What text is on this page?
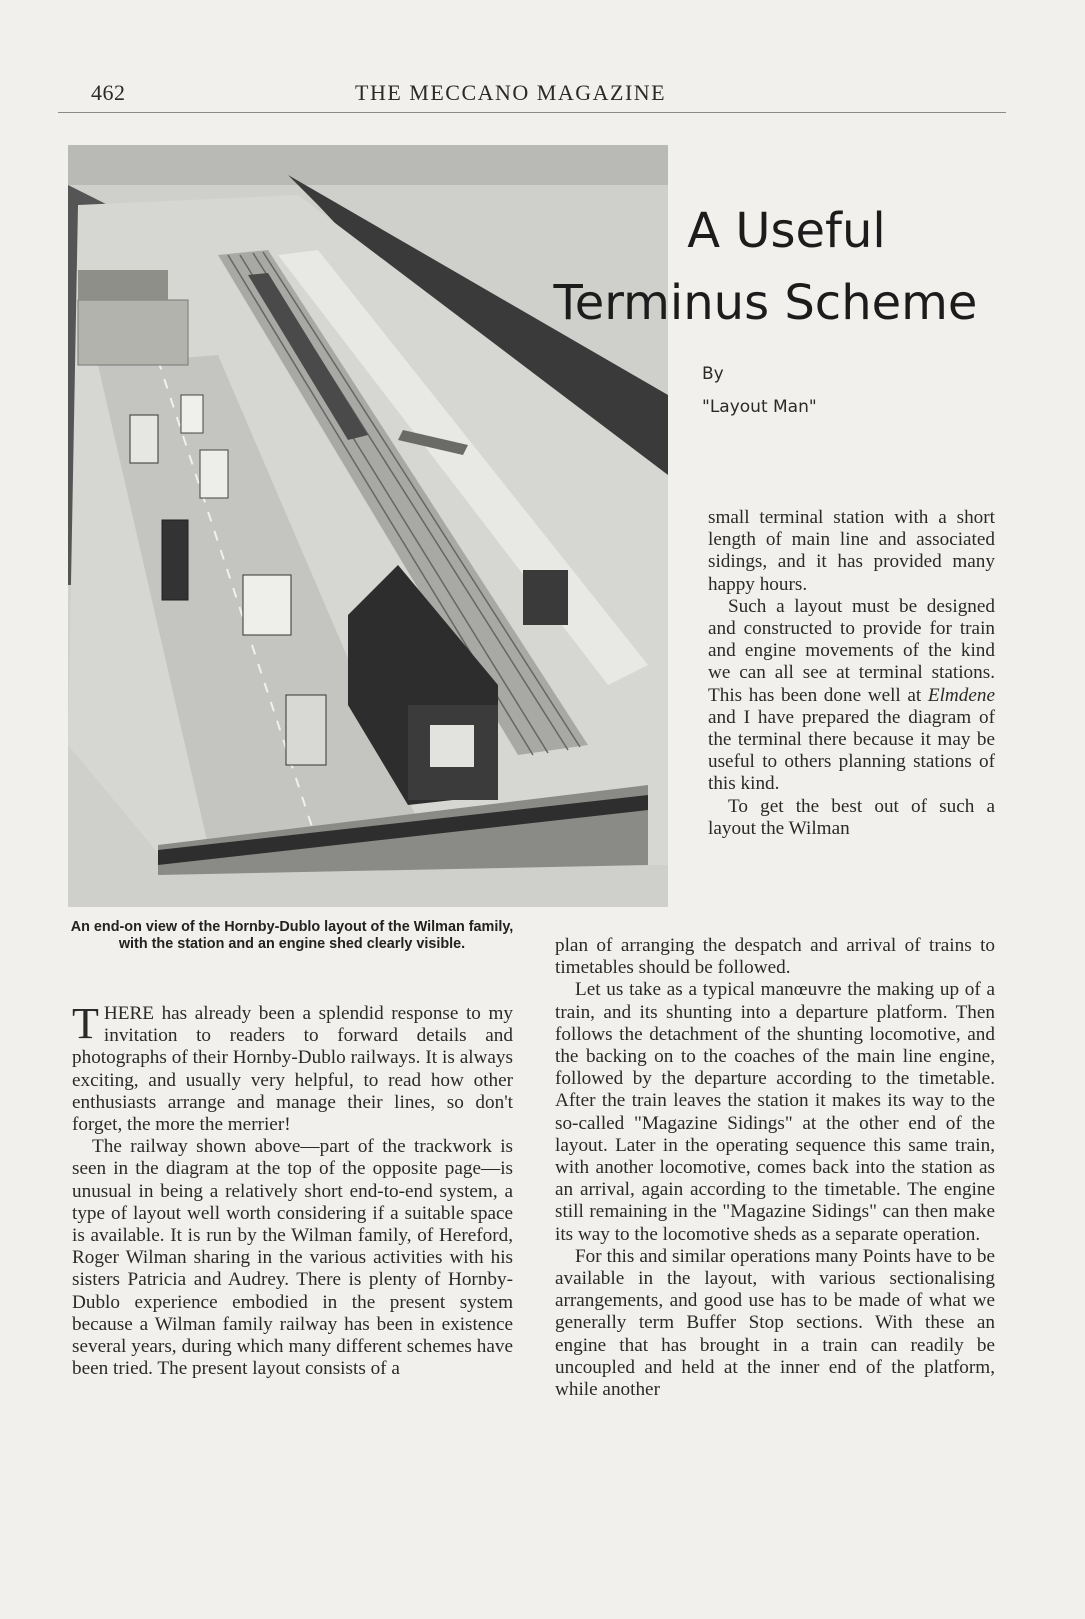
462	THE MECCANO MAGAZINE
An end-on view of the Hornby-Dublo layout of the Wilman family, with the station and an engine shed clearly visible.
A Useful
Terminus Scheme
By
"Layout Man"

THERE has already been a splendid response to my invitation to readers to forward details and photographs of their Hornby-Dublo railways. It is always exciting, and usually very helpful, to read how other enthusiasts arrange and manage their lines, so don't forget, the more the merrier!

The railway shown above—part of the trackwork is seen in the diagram at the top of the opposite page—is unusual in being a relatively short end-to-end system, a type of layout well worth considering if a suitable space is available. It is run by the Wilman family, of Hereford, Roger Wilman sharing in the various activities with his sisters Patricia and Audrey. There is plenty of Hornby-Dublo experience embodied in the present system because a Wilman family railway has been in existence several years, during which many different schemes have been tried. The present layout consists of a

small terminal station with a short length of main line and associated sidings, and it has provided many happy hours.

Such a layout must be designed and constructed to provide for train and engine movements of the kind we can all see at terminal stations. This has been done well at Elmdene and I have prepared the diagram of the terminal there because it may be useful to others planning stations of this kind.

To get the best out of such a layout the Wilman

plan of arranging the despatch and arrival of trains to timetables should be followed.

Let us take as a typical manœuvre the making up of a train, and its shunting into a departure platform. Then follows the detachment of the shunting locomotive, and the backing on to the coaches of the main line engine, followed by the departure according to the timetable. After the train leaves the station it makes its way to the so-called "Magazine Sidings" at the other end of the layout. Later in the operating sequence this same train, with another locomotive, comes back into the station as an arrival, again according to the timetable. The engine still remaining in the "Magazine Sidings" can then make its way to the locomotive sheds as a separate operation.

For this and similar operations many Points have to be available in the layout, with various sectionalising arrangements, and good use has to be made of what we generally term Buffer Stop sections. With these an engine that has brought in a train can readily be uncoupled and held at the inner end of the platform, while another
